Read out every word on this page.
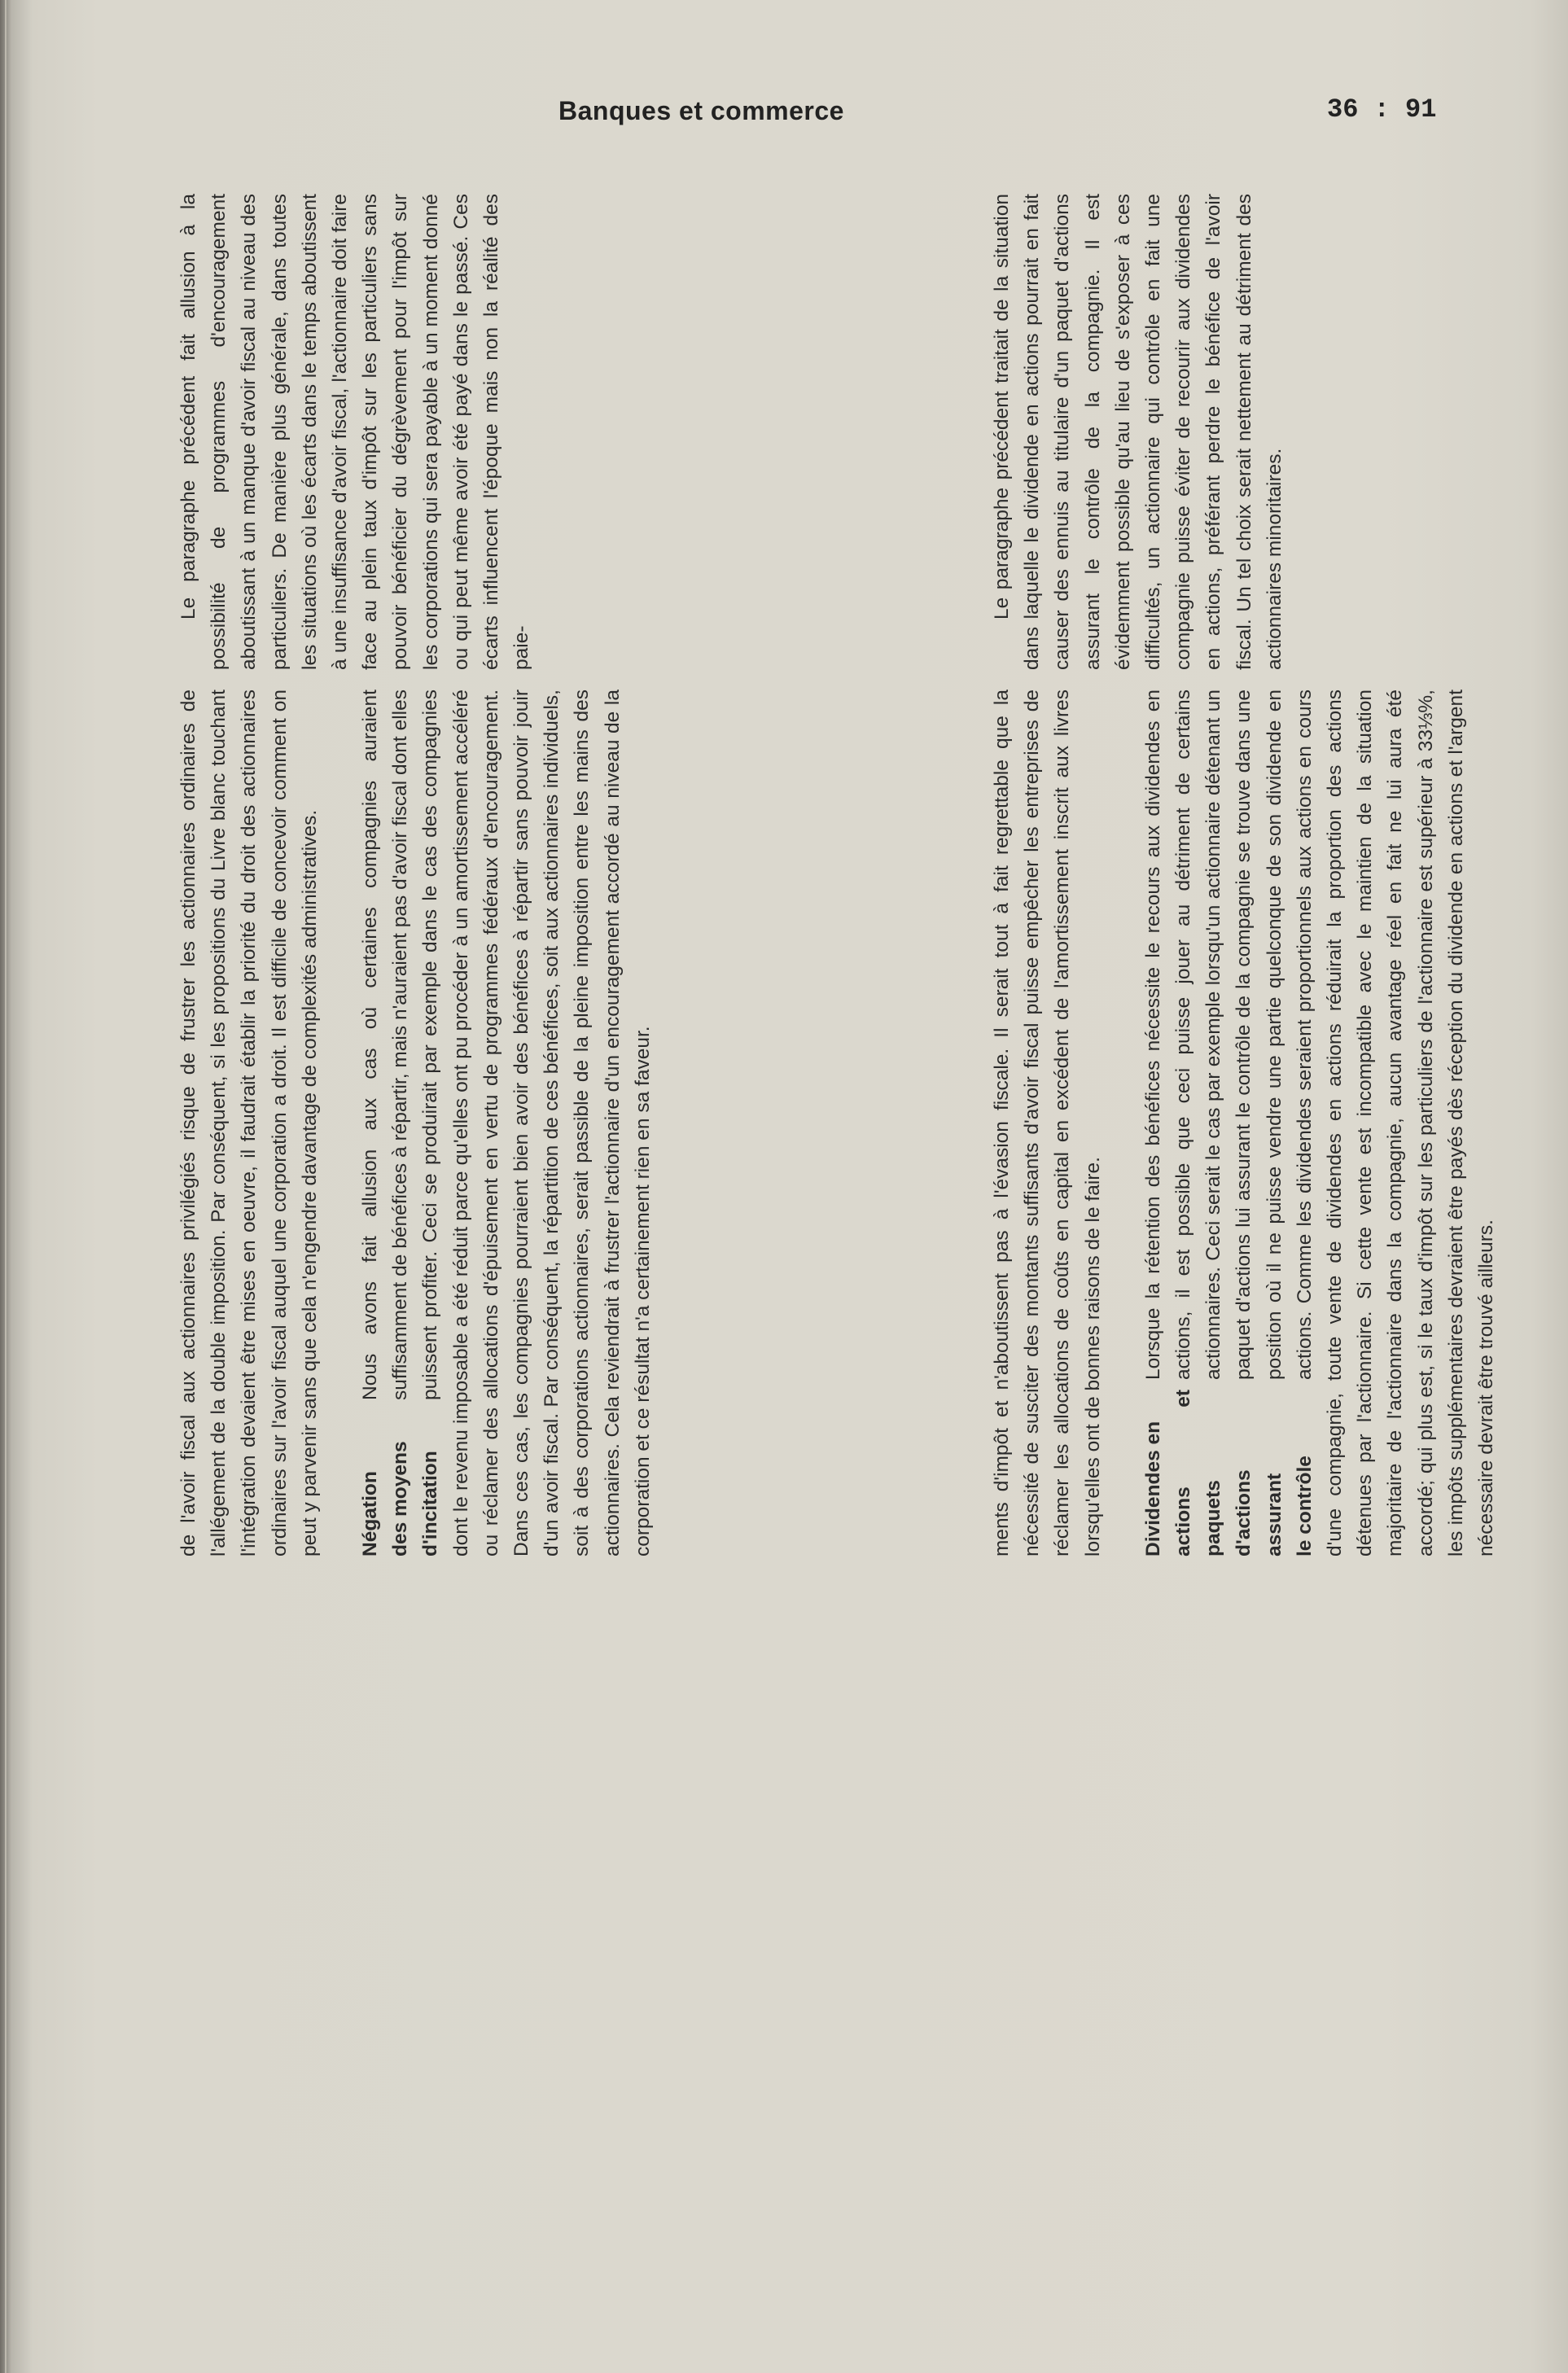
Banques et commerce	36 : 91

de l'avoir fiscal aux actionnaires privilégiés risque de frustrer les actionnaires ordinaires de l'allégement de la double imposition. Par conséquent, si les propositions du Livre blanc touchant l'intégration devaient être mises en oeuvre, il faudrait établir la priorité du droit des actionnaires ordinaires sur l'avoir fiscal auquel une corporation a droit. Il est difficile de concevoir comment on peut y parvenir sans que cela n'engendre davantage de complexités administratives. Négation des moyens d'incitation

Nous avons fait allusion aux cas où certaines compagnies auraient suffisamment de bénéfices à répartir, mais n'auraient pas d'avoir fiscal dont elles puissent profiter. Ceci se produirait par exemple dans le cas des compagnies dont le revenu imposable a été réduit parce qu'elles ont pu procéder à un amortissement accéléré ou réclamer des allocations d'épuisement en vertu de programmes fédéraux d'encouragement. Dans ces cas, les compagnies pourraient bien avoir des bénéfices à répartir sans pouvoir jouir d'un avoir fiscal. Par conséquent, la répartition de ces bénéfices, soit aux actionnaires individuels, soit à des corporations actionnaires, serait passible de la pleine imposition entre les mains des actionnaires. Cela reviendrait à frustrer l'actionnaire d'un encouragement accordé au niveau de la corporation et ce résultat n'a certainement rien en sa faveur.

Le paragraphe précédent fait allusion à la possibilité de programmes d'encouragement aboutissant à un manque d'avoir fiscal au niveau des particuliers. De manière plus générale, dans toutes les situations où les écarts dans le temps aboutissent à une insuffisance d'avoir fiscal, l'actionnaire doit faire face au plein taux d'impôt sur les particuliers sans pouvoir bénéficier du dégrèvement pour l'impôt sur les corporations qui sera payable à un moment donné ou qui peut même avoir été payé dans le passé. Ces écarts influencent l'époque mais non la réalité des paie-

ments d'impôt et n'aboutissent pas à l'évasion fiscale. Il serait tout à fait regrettable que la nécessité de susciter des montants suffisants d'avoir fiscal puisse empêcher les entreprises de réclamer les allocations de coûts en capital en excédent de l'amortissement inscrit aux livres lorsqu'elles ont de bonnes raisons de le faire. Dividendes en actions et paquets d'actions assurant le contrôle

Lorsque la rétention des bénéfices nécessite le recours aux dividendes en actions, il est possible que ceci puisse jouer au détriment de certains actionnaires. Ceci serait le cas par exemple lorsqu'un actionnaire détenant un paquet d'actions lui assurant le contrôle de la compagnie se trouve dans une position où il ne puisse vendre une partie quelconque de son dividende en actions. Comme les dividendes seraient proportionnels aux actions en cours d'une compagnie, toute vente de dividendes en actions réduirait la proportion des actions détenues par l'actionnaire. Si cette vente est incompatible avec le maintien de la situation majoritaire de l'actionnaire dans la compagnie, aucun avantage réel en fait ne lui aura été accordé; qui plus est, si le taux d'impôt sur les particuliers de l'actionnaire est supérieur à 33⅓%, les impôts supplémentaires devraient être payés dès réception du dividende en actions et l'argent nécessaire devrait être trouvé ailleurs.

Le paragraphe précédent traitait de la situation dans laquelle le dividende en actions pourrait en fait causer des ennuis au titulaire d'un paquet d'actions assurant le contrôle de la compagnie. Il est évidemment possible qu'au lieu de s'exposer à ces difficultés, un actionnaire qui contrôle en fait une compagnie puisse éviter de recourir aux dividendes en actions, préférant perdre le bénéfice de l'avoir fiscal. Un tel choix serait nettement au détriment des actionnaires minoritaires.
